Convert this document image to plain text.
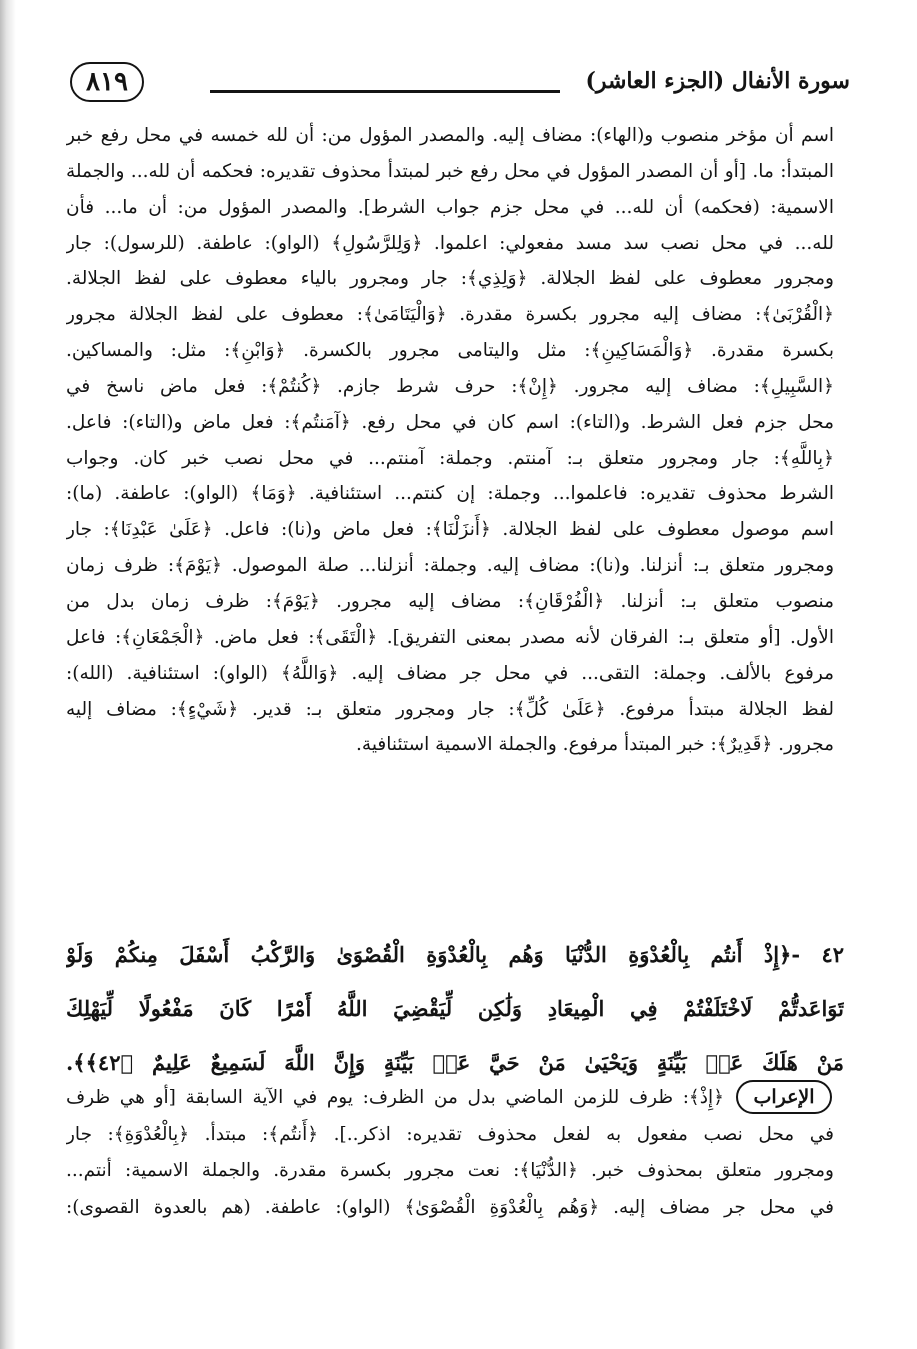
٨١٩	سورة الأنفال (الجزء العاشر)
اسم أن مؤخر منصوب و(الهاء): مضاف إليه. والمصدر المؤول من: أن لله خمسه في محل رفع خبر
المبتدأ: ما. [أو أن المصدر المؤول في محل رفع خبر لمبتدأ محذوف تقديره: فحكمه أن لله... والجملة
الاسمية: (فحكمه) أن لله... في محل جزم جواب الشرط]. والمصدر المؤول من: أن ما... فأن
لله... في محل نصب سد مسد مفعولي: اعلموا. ﴿وَلِلرَّسُولِ﴾ (الواو): عاطفة. (للرسول): جار
ومجرور معطوف على لفظ الجلالة. ﴿وَلِذِي﴾: جار ومجرور بالياء معطوف على لفظ الجلالة.
﴿الْقُرْبَىٰ﴾: مضاف إليه مجرور بكسرة مقدرة. ﴿وَالْيَتَامَىٰ﴾: معطوف على لفظ الجلالة مجرور
بكسرة مقدرة. ﴿وَالْمَسَاكِينِ﴾: مثل واليتامى مجرور بالكسرة. ﴿وَابْنِ﴾: مثل: والمساكين.
﴿السَّبِيلِ﴾: مضاف إليه مجرور. ﴿إِنْ﴾: حرف شرط جازم. ﴿كُنتُمْ﴾: فعل ماض ناسخ في
محل جزم فعل الشرط. و(التاء): اسم كان في محل رفع. ﴿آمَنتُم﴾: فعل ماض و(التاء): فاعل.
﴿بِاللَّهِ﴾: جار ومجرور متعلق بـ: آمنتم. وجملة: آمنتم... في محل نصب خبر كان. وجواب
الشرط محذوف تقديره: فاعلموا... وجملة: إن كنتم... استئنافية. ﴿وَمَا﴾ (الواو): عاطفة. (ما):
اسم موصول معطوف على لفظ الجلالة. ﴿أَنزَلْنَا﴾: فعل ماض و(نا): فاعل. ﴿عَلَىٰ عَبْدِنَا﴾: جار
ومجرور متعلق بـ: أنزلنا. و(نا): مضاف إليه. وجملة: أنزلنا... صلة الموصول. ﴿يَوْمَ﴾: ظرف زمان
منصوب متعلق بـ: أنزلنا. ﴿الْفُرْقَانِ﴾: مضاف إليه مجرور. ﴿يَوْمَ﴾: ظرف زمان بدل من
الأول. [أو متعلق بـ: الفرقان لأنه مصدر بمعنى التفريق]. ﴿الْتَقَى﴾: فعل ماض. ﴿الْجَمْعَانِ﴾: فاعل
مرفوع بالألف. وجملة: التقى... في محل جر مضاف إليه. ﴿وَاللَّهُ﴾ (الواو): استئنافية. (الله):
لفظ الجلالة مبتدأ مرفوع. ﴿عَلَىٰ كُلِّ﴾: جار ومجرور متعلق بـ: قدير. ﴿شَيْءٍ﴾: مضاف إليه
مجرور. ﴿قَدِيرٌ﴾: خبر المبتدأ مرفوع. والجملة الاسمية استئنافية.
٤٢ -﴿إِذْ أَنتُم بِالْعُدْوَةِ الدُّنْيَا وَهُم بِالْعُدْوَةِ الْقُصْوَىٰ وَالرَّكْبُ أَسْفَلَ مِنكُمْ وَلَوْ
تَوَاعَدتُّمْ لَاخْتَلَفْتُمْ فِي الْمِيعَادِ وَلَٰكِن لِّيَقْضِيَ اللَّهُ أَمْرًا كَانَ مَفْعُولًا لِّيَهْلِكَ
مَنْ هَلَكَ عَنۢ بَيِّنَةٍ وَيَحْيَىٰ مَنْ حَيَّ عَنۢ بَيِّنَةٍ وَإِنَّ اللَّهَ لَسَمِيعٌ عَلِيمٌ ﴿٤٢﴾﴾.
الإعراب
﴿إِذْ﴾: ظرف للزمن الماضي بدل من الظرف: يوم في الآية السابقة [أو هي ظرف
في محل نصب مفعول به لفعل محذوف تقديره: اذكر..]. ﴿أَنتُم﴾: مبتدأ. ﴿بِالْعُدْوَةِ﴾: جار
ومجرور متعلق بمحذوف خبر. ﴿الدُّنْيَا﴾: نعت مجرور بكسرة مقدرة. والجملة الاسمية: أنتم...
في محل جر مضاف إليه. ﴿وَهُم بِالْعُدْوَةِ الْقُصْوَىٰ﴾ (الواو): عاطفة. (هم بالعدوة القصوى):
